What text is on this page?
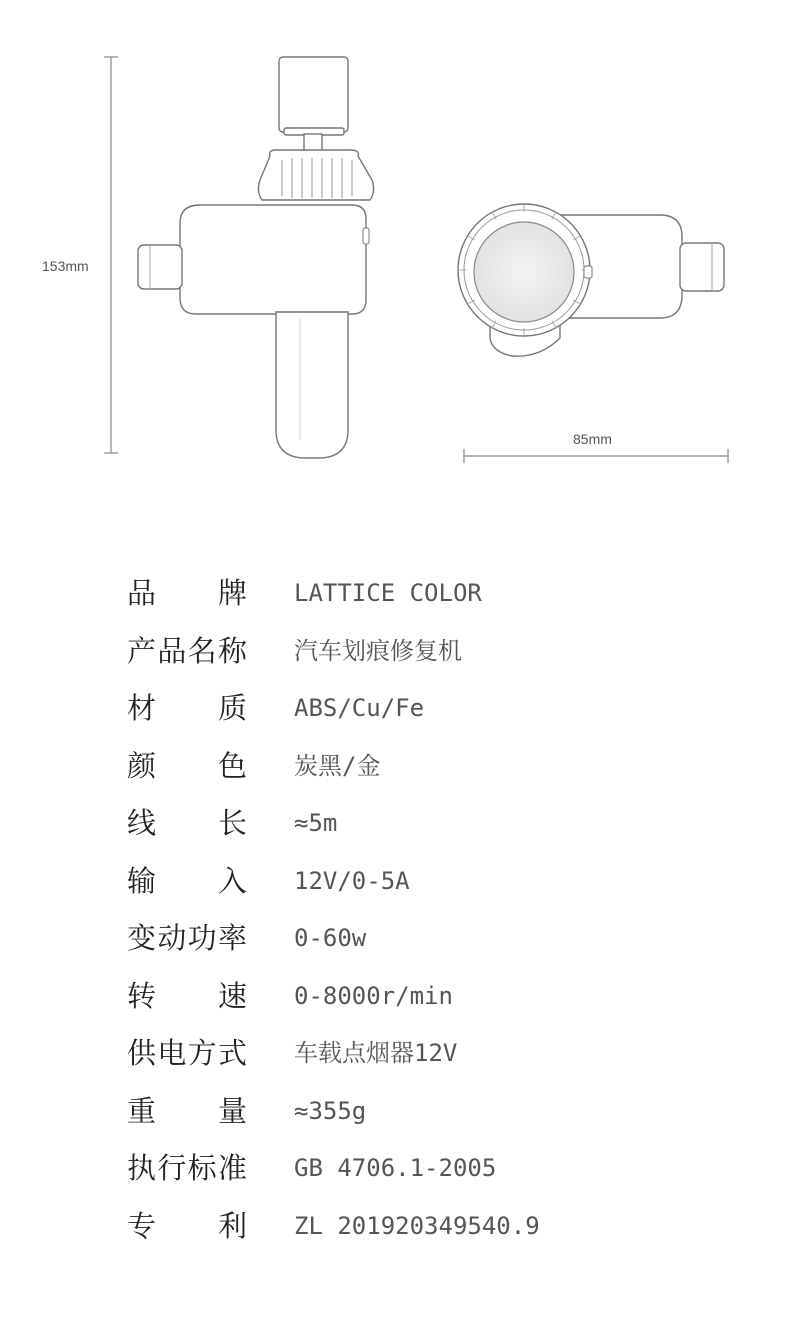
153mm
85mm
品 牌 LATTICE COLOR
产 品 名 称 汽车划痕修复机
材 质 ABS/Cu/Fe
颜 色 炭黑/金
线 长 ≈5m
输 入 12V/0-5A
变 动 功 率 0-60w
转 速 0-8000r/min
供 电 方 式 车载点烟器12V
重 量 ≈355g
执 行 标 准 GB 4706.1-2005
专 利 ZL 201920349540.9
